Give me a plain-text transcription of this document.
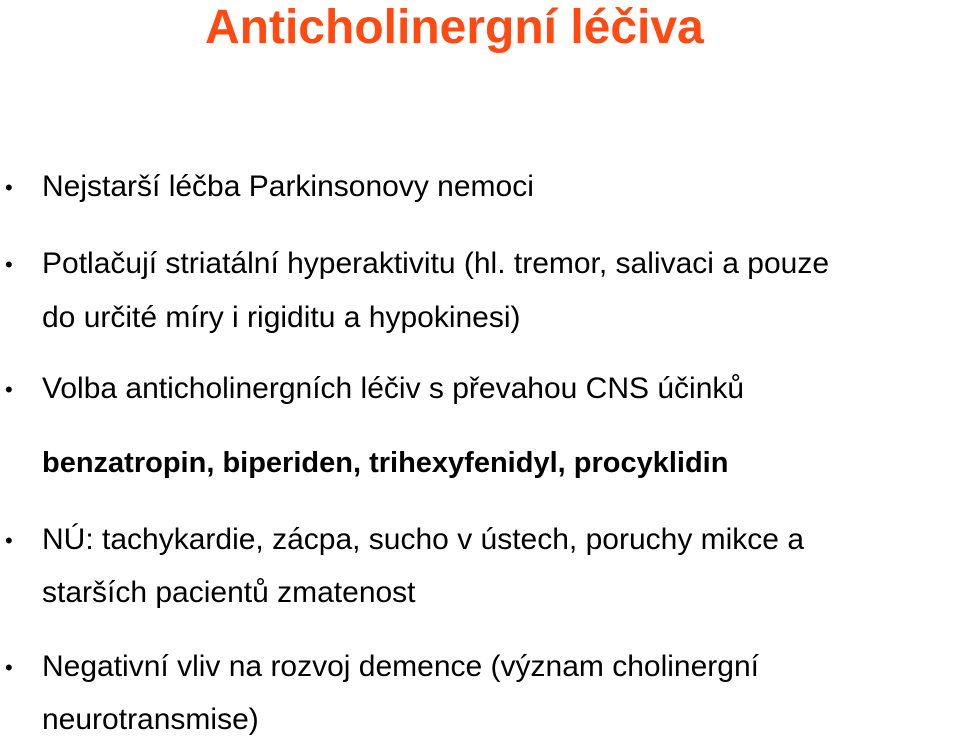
Anticholinergní léčiva
• Nejstarší léčba Parkinsonovy nemoci
• Potlačují striatální hyperaktivitu (hl. tremor, salivaci a pouze
do určité míry i rigiditu a hypokinesi)
• Volba anticholinergních léčiv s převahou CNS účinků
benzatropin, biperiden, trihexyfenidyl, procyklidin
• NÚ: tachykardie, zácpa, sucho v ústech, poruchy mikce a
starších pacientů zmatenost
• Negativní vliv na rozvoj demence (význam cholinergní
neurotransmise)
